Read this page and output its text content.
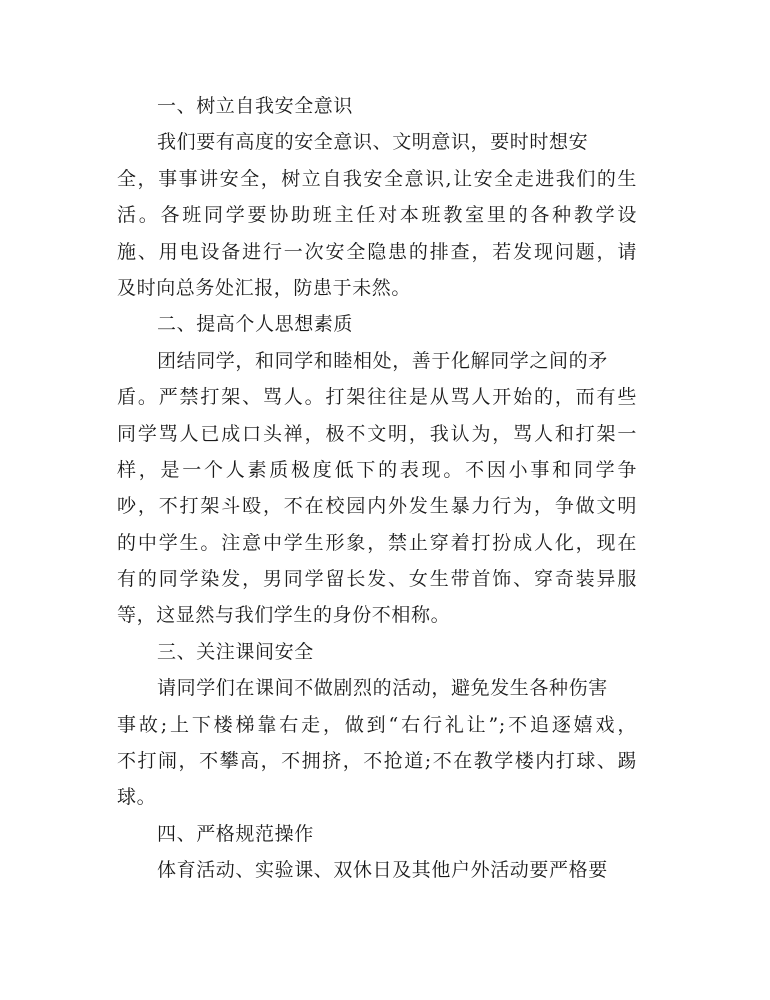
一、树立自我安全意识
我们要有高度的安全意识、文明意识，要时时想安
全，事事讲安全，树立自我安全意识,让安全走进我们的生
活。各班同学要协助班主任对本班教室里的各种教学设
施、用电设备进行一次安全隐患的排查，若发现问题，请
及时向总务处汇报，防患于未然。
二、提高个人思想素质
团结同学，和同学和睦相处，善于化解同学之间的矛
盾。严禁打架、骂人。打架往往是从骂人开始的，而有些
同学骂人已成口头禅，极不文明，我认为，骂人和打架一
样，是一个人素质极度低下的表现。不因小事和同学争
吵，不打架斗殴，不在校园内外发生暴力行为，争做文明
的中学生。注意中学生形象，禁止穿着打扮成人化，现在
有的同学染发，男同学留长发、女生带首饰、穿奇装异服
等，这显然与我们学生的身份不相称。
三、关注课间安全
请同学们在课间不做剧烈的活动，避免发生各种伤害
事故;上下楼梯靠右走，做到“右行礼让”;不追逐嬉戏，
不打闹，不攀高，不拥挤，不抢道;不在教学楼内打球、踢
球。
四、严格规范操作
体育活动、实验课、双休日及其他户外活动要严格要
